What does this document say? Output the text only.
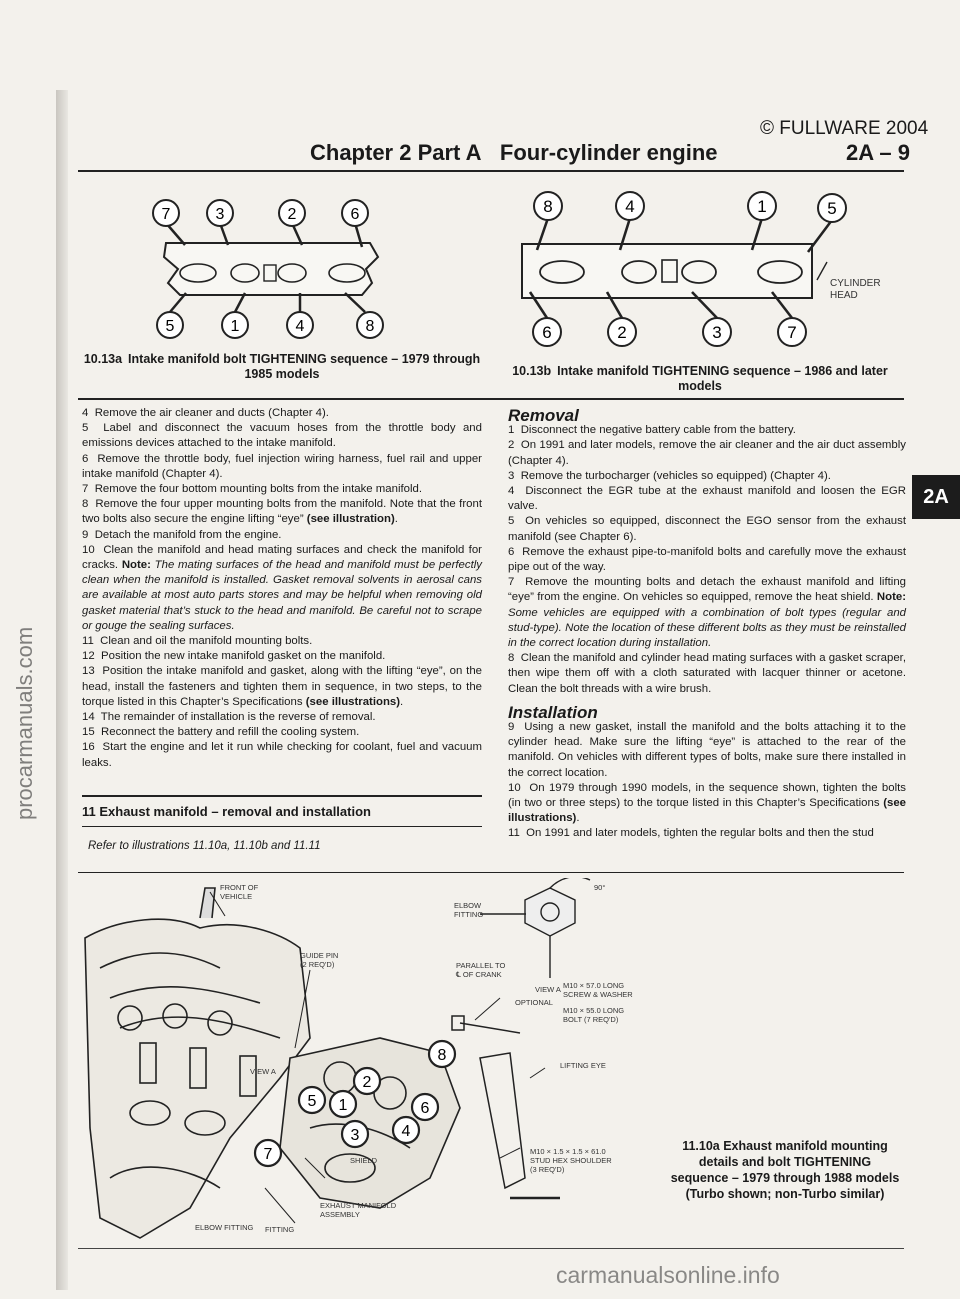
© FULLWARE 2004
Chapter 2 Part A Four-cylinder engine	2A – 9
7	3	2	6
5	1	4	8
10.13a Intake manifold bolt TIGHTENING sequence – 1979 through 1985 models
8	4	1	5
6	2	3	7
CYLINDER
HEAD
10.13b Intake manifold TIGHTENING sequence – 1986 and later models

4 Remove the air cleaner and ducts (Chapter 4).

5 Label and disconnect the vacuum hoses from the throttle body and emissions devices attached to the intake manifold.

6 Remove the throttle body, fuel injection wiring harness, fuel rail and upper intake manifold (Chapter 4).

7 Remove the four bottom mounting bolts from the intake manifold.

8 Remove the four upper mounting bolts from the manifold. Note that the front two bolts also secure the engine lifting “eye” (see illustration).

9 Detach the manifold from the engine.

10 Clean the manifold and head mating surfaces and check the manifold for cracks. Note: The mating surfaces of the head and manifold must be perfectly clean when the manifold is installed. Gasket removal solvents in aerosal cans are available at most auto parts stores and may be helpful when removing old gasket material that’s stuck to the head and manifold. Be careful not to scrape or gouge the sealing surfaces.

11 Clean and oil the manifold mounting bolts.

12 Position the new intake manifold gasket on the manifold.

13 Position the intake manifold and gasket, along with the lifting “eye”, on the head, install the fasteners and tighten them in sequence, in two steps, to the torque listed in this Chapter’s Specifications (see illustrations).

14 The remainder of installation is the reverse of removal.

15 Reconnect the battery and refill the cooling system.

16 Start the engine and let it run while checking for coolant, fuel and vacuum leaks.

11 Exhaust manifold – removal and installation
Refer to illustrations 11.10a, 11.10b and 11.11
Removal

1 Disconnect the negative battery cable from the battery.

2 On 1991 and later models, remove the air cleaner and the air duct assembly (Chapter 4).

3 Remove the turbocharger (vehicles so equipped) (Chapter 4).

4 Disconnect the EGR tube at the exhaust manifold and loosen the EGR valve.

5 On vehicles so equipped, disconnect the EGO sensor from the exhaust manifold (see Chapter 6).

6 Remove the exhaust pipe-to-manifold bolts and carefully move the exhaust pipe out of the way.

7 Remove the mounting bolts and detach the exhaust manifold and lifting “eye” from the engine. On vehicles so equipped, remove the heat shield. Note: Some vehicles are equipped with a combination of bolt types (regular and stud-type). Note the location of these different bolts as they must be reinstalled in the correct location during installation.

8 Clean the manifold and cylinder head mating surfaces with a gasket scraper, then wipe them off with a cloth saturated with lacquer thinner or acetone. Clean the bolt threads with a wire brush.

Installation

9 Using a new gasket, install the manifold and the bolts attaching it to the cylinder head. Make sure the lifting “eye” is attached to the rear of the manifold. On vehicles with different types of bolts, make sure there installed in the correct location.

10 On 1979 through 1990 models, in the sequence shown, tighten the bolts (in two or three steps) to the torque listed in this Chapter’s Specifications (see illustrations).

11 On 1991 and later models, tighten the regular bolts and then the stud

2A
FRONT OF
VEHICLE
GUIDE PIN
(2 REQ'D)
ELBOW
FITTING
90°
PARALLEL TO
℄ OF CRANK
VIEW A
OPTIONAL
M10 × 57.0 LONG
SCREW & WASHER
M10 × 55.0 LONG
BOLT (7 REQ'D)
LIFTING EYE
M10 × 1.5 × 1.5 × 61.0
STUD HEX SHOULDER
(3 REQ'D)
SHIELD
EXHAUST MANIFOLD
ASSEMBLY
ELBOW FITTING FITTING
VIEW A
1
2
3	4
5	6
7
8
11.10a Exhaust manifold mounting details and bolt TIGHTENING sequence – 1979 through 1988 models (Turbo shown; non-Turbo similar)
procarmanuals.com
carmanualsonline.info
